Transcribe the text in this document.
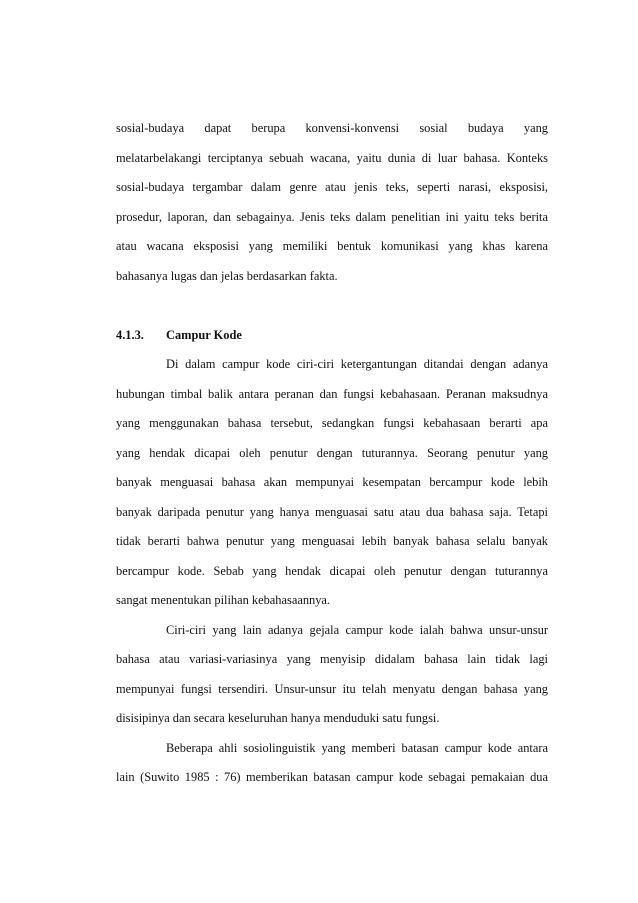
sosial-budaya dapat berupa konvensi-konvensi sosial budaya yang
melatarbelakangi terciptanya sebuah wacana, yaitu dunia di luar bahasa. Konteks
sosial-budaya tergambar dalam genre atau jenis teks, seperti narasi, eksposisi,
prosedur, laporan, dan sebagainya. Jenis teks dalam penelitian ini yaitu teks berita
atau wacana eksposisi yang memiliki bentuk komunikasi yang khas karena
bahasanya lugas dan jelas berdasarkan fakta.
4.1.3. Campur Kode
Di dalam campur kode ciri-ciri ketergantungan ditandai dengan adanya
hubungan timbal balik antara peranan dan fungsi kebahasaan. Peranan maksudnya
yang menggunakan bahasa tersebut, sedangkan fungsi kebahasaan berarti apa
yang hendak dicapai oleh penutur dengan tuturannya. Seorang penutur yang
banyak menguasai bahasa akan mempunyai kesempatan bercampur kode lebih
banyak daripada penutur yang hanya menguasai satu atau dua bahasa saja. Tetapi
tidak berarti bahwa penutur yang menguasai lebih banyak bahasa selalu banyak
bercampur kode. Sebab yang hendak dicapai oleh penutur dengan tuturannya
sangat menentukan pilihan kebahasaannya.
Ciri-ciri yang lain adanya gejala campur kode ialah bahwa unsur-unsur
bahasa atau variasi-variasinya yang menyisip didalam bahasa lain tidak lagi
mempunyai fungsi tersendiri. Unsur-unsur itu telah menyatu dengan bahasa yang
disisipinya dan secara keseluruhan hanya menduduki satu fungsi.
Beberapa ahli sosiolinguistik yang memberi batasan campur kode antara
lain (Suwito 1985 : 76) memberikan batasan campur kode sebagai pemakaian dua
